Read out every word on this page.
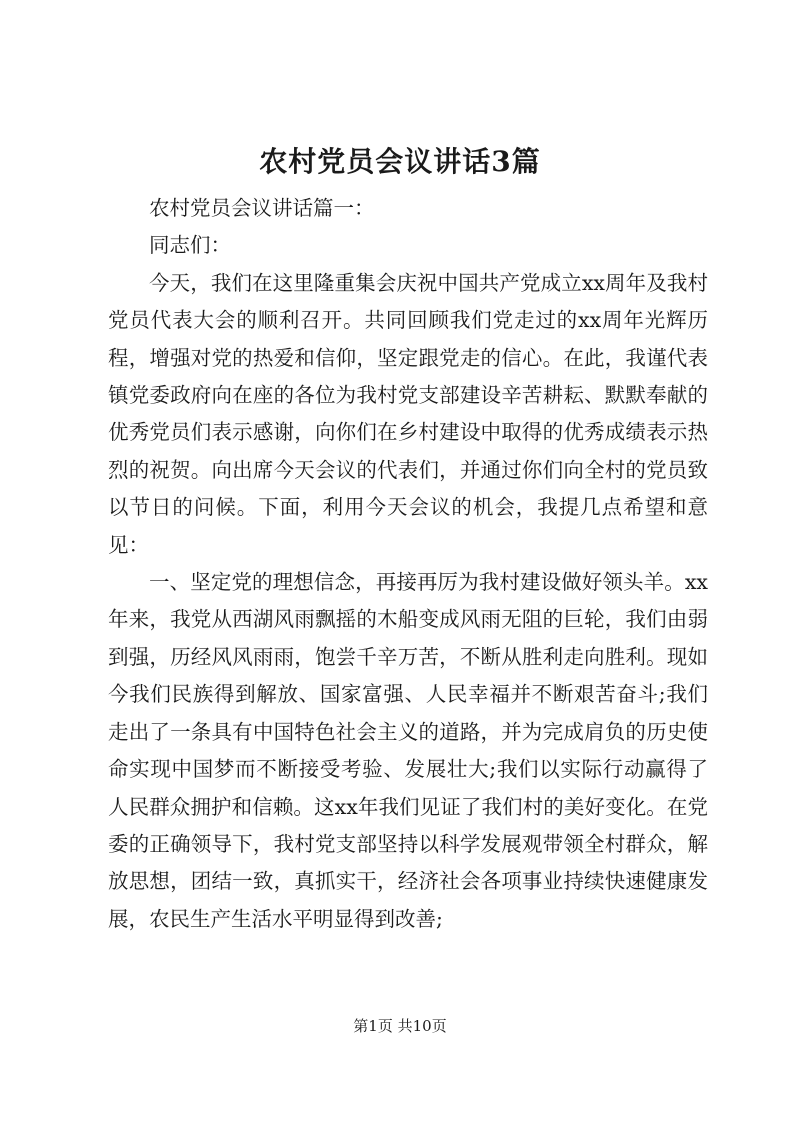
农村党员会议讲话3篇

农村党员会议讲话篇一：

同志们：

今天，我们在这里隆重集会庆祝中国共产党成立xx周年及我村党员代表大会的顺利召开。共同回顾我们党走过的xx周年光辉历程，增强对党的热爱和信仰，坚定跟党走的信心。在此，我谨代表镇党委政府向在座的各位为我村党支部建设辛苦耕耘、默默奉献的优秀党员们表示感谢，向你们在乡村建设中取得的优秀成绩表示热烈的祝贺。向出席今天会议的代表们，并通过你们向全村的党员致以节日的问候。下面，利用今天会议的机会，我提几点希望和意见：

一、坚定党的理想信念，再接再厉为我村建设做好领头羊。xx年来，我党从西湖风雨飘摇的木船变成风雨无阻的巨轮，我们由弱到强，历经风风雨雨，饱尝千辛万苦，不断从胜利走向胜利。现如今我们民族得到解放、国家富强、人民幸福并不断艰苦奋斗;我们走出了一条具有中国特色社会主义的道路，并为完成肩负的历史使命实现中国梦而不断接受考验、发展壮大;我们以实际行动赢得了人民群众拥护和信赖。这xx年我们见证了我们村的美好变化。在党委的正确领导下，我村党支部坚持以科学发展观带领全村群众，解放思想，团结一致，真抓实干，经济社会各项事业持续快速健康发展，农民生产生活水平明显得到改善;

第1页 共10页
